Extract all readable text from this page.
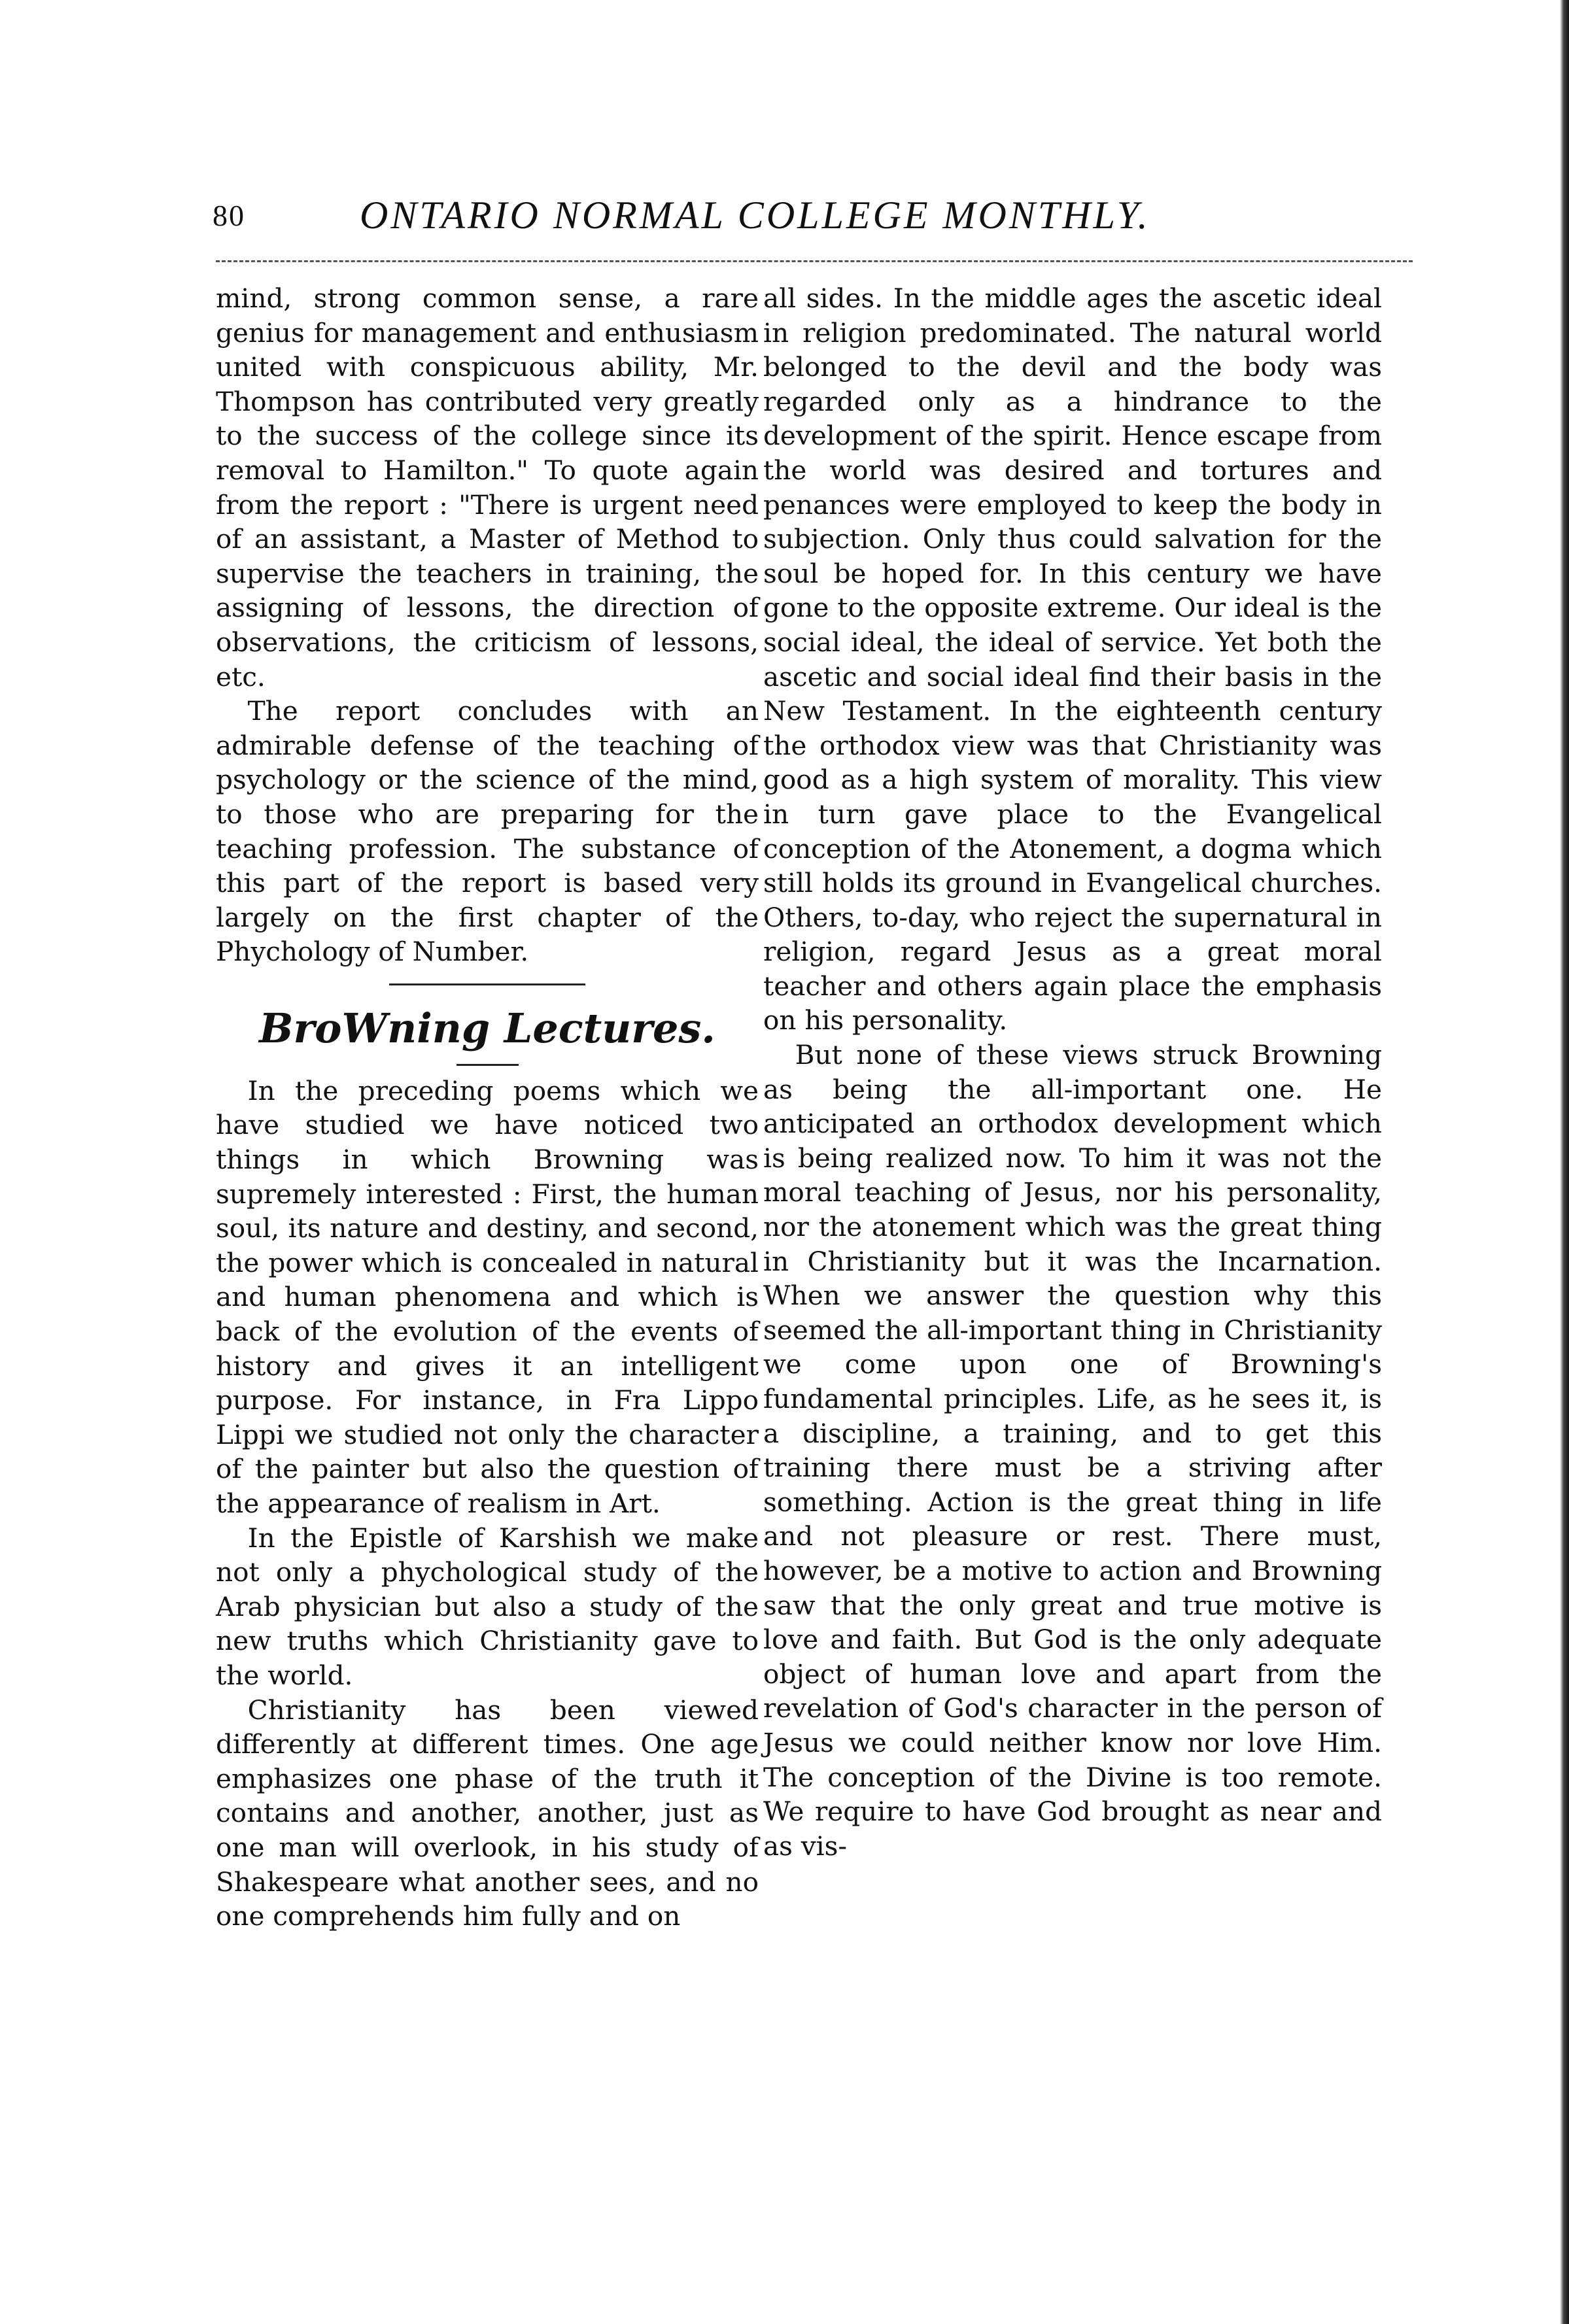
80	ONTARIO NORMAL COLLEGE MONTHLY.

mind, strong common sense, a rare genius for management and enthusiasm united with conspicuous ability, Mr. Thompson has contributed very greatly to the success of the college since its removal to Hamilton." To quote again from the report : "There is urgent need of an assistant, a Master of Method to supervise the teachers in training, the assigning of lessons, the direction of observations, the criticism of lessons, etc.

The report concludes with an admirable defense of the teaching of psychology or the science of the mind, to those who are preparing for the teaching profession. The substance of this part of the report is based very largely on the first chapter of the Phychology of Number.

BroWning Lectures.

In the preceding poems which we have studied we have noticed two things in which Browning was supremely interested : First, the human soul, its nature and destiny, and second, the power which is concealed in natural and human phenomena and which is back of the evolution of the events of history and gives it an intelligent purpose. For instance, in Fra Lippo Lippi we studied not only the character of the painter but also the question of the appearance of realism in Art.

In the Epistle of Karshish we make not only a phychological study of the Arab physician but also a study of the new truths which Christianity gave to the world.

Christianity has been viewed differently at different times. One age emphasizes one phase of the truth it contains and another, another, just as one man will overlook, in his study of Shakespeare what another sees, and no one comprehends him fully and on

all sides. In the middle ages the ascetic ideal in religion predominated. The natural world belonged to the devil and the body was regarded only as a hindrance to the development of the spirit. Hence escape from the world was desired and tortures and penances were employed to keep the body in subjection. Only thus could salvation for the soul be hoped for. In this century we have gone to the opposite extreme. Our ideal is the social ideal, the ideal of service. Yet both the ascetic and social ideal find their basis in the New Testament. In the eighteenth century the orthodox view was that Christianity was good as a high system of morality. This view in turn gave place to the Evangelical conception of the Atonement, a dogma which still holds its ground in Evangelical churches. Others, to-day, who reject the supernatural in religion, regard Jesus as a great moral teacher and others again place the emphasis on his personality.

But none of these views struck Browning as being the all-important one. He anticipated an orthodox development which is being realized now. To him it was not the moral teaching of Jesus, nor his personality, nor the atonement which was the great thing in Christianity but it was the Incarnation. When we answer the question why this seemed the all-important thing in Christianity we come upon one of Browning's fundamental principles. Life, as he sees it, is a discipline, a training, and to get this training there must be a striving after something. Action is the great thing in life and not pleasure or rest. There must, however, be a motive to action and Browning saw that the only great and true motive is love and faith. But God is the only adequate object of human love and apart from the revelation of God's character in the person of Jesus we could neither know nor love Him. The conception of the Divine is too remote. We require to have God brought as near and as vis-
